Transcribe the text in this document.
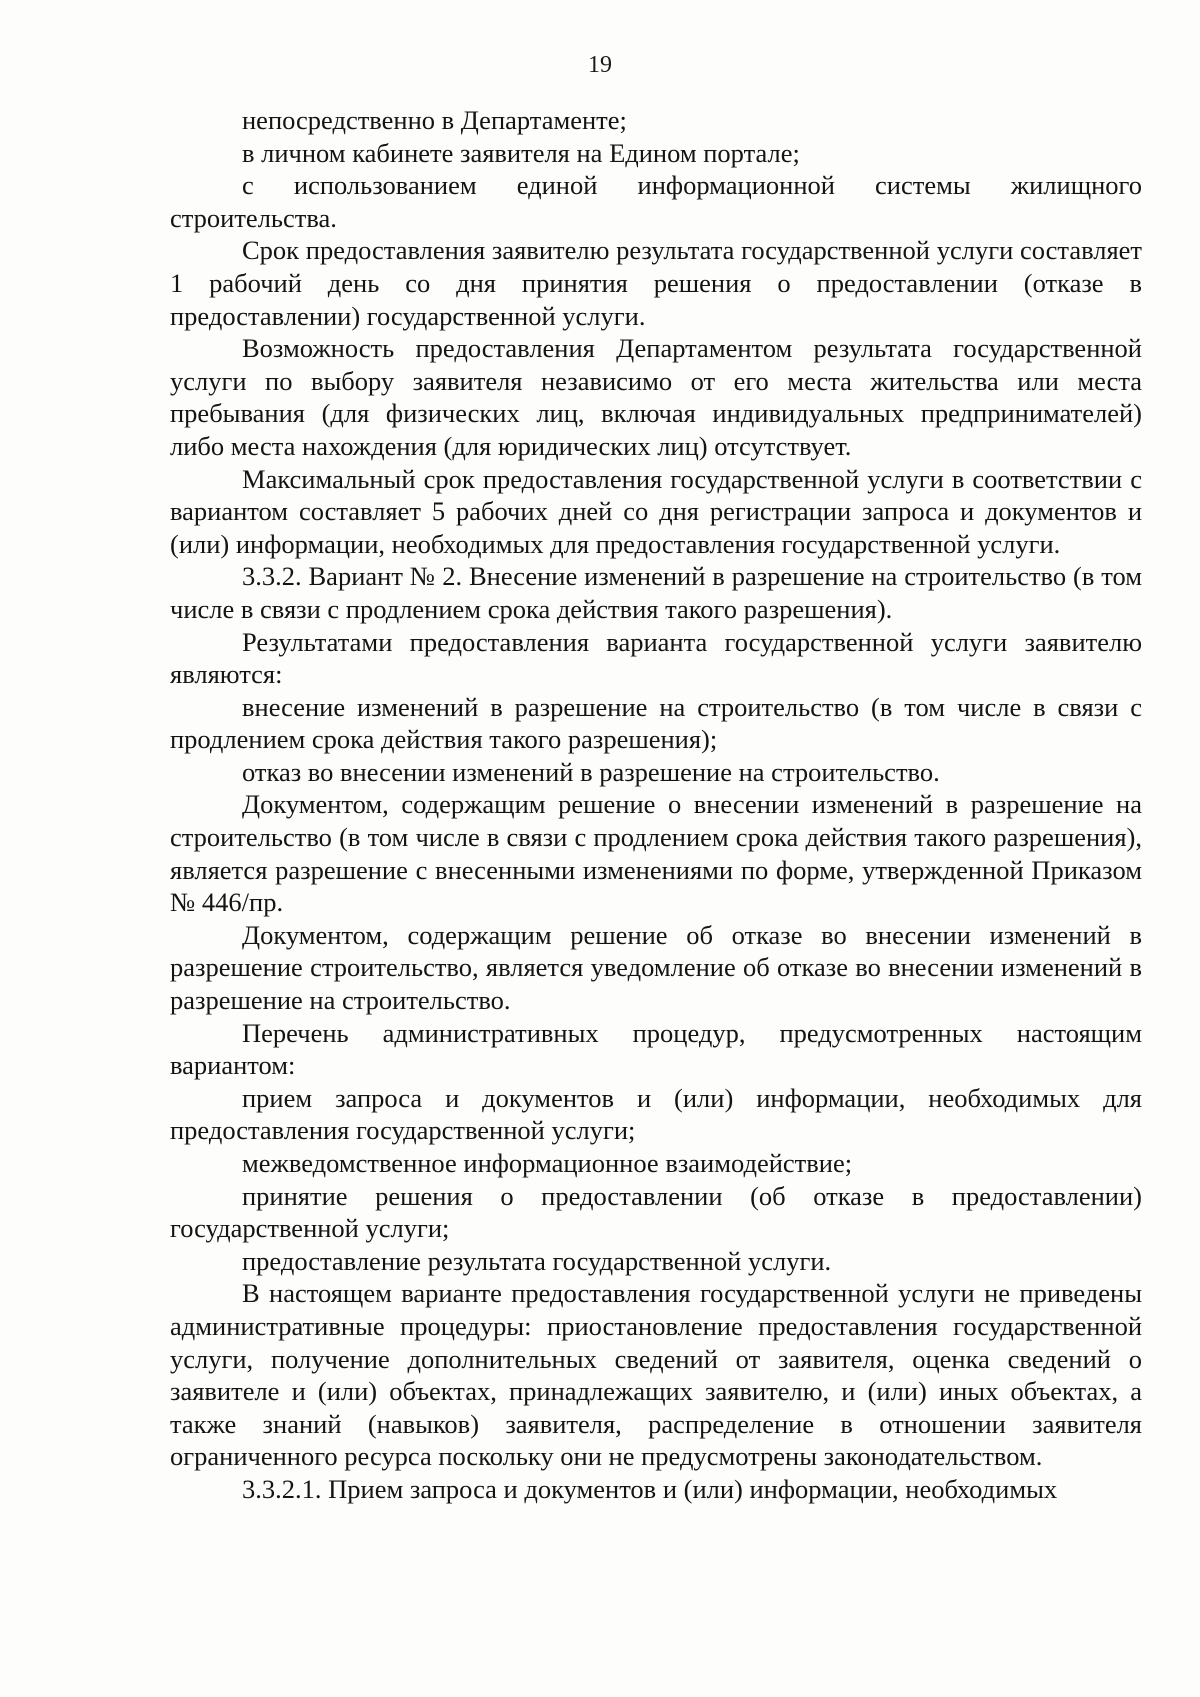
19

непосредственно в Департаменте;

в личном кабинете заявителя на Едином портале;

с использованием единой информационной системы жилищного строительства.

Срок предоставления заявителю результата государственной услуги составляет 1 рабочий день со дня принятия решения о предоставлении (отказе в предоставлении) государственной услуги.

Возможность предоставления Департаментом результата государственной услуги по выбору заявителя независимо от его места жительства или места пребывания (для физических лиц, включая индивидуальных предпринимателей) либо места нахождения (для юридических лиц) отсутствует.

Максимальный срок предоставления государственной услуги в соответствии с вариантом составляет 5 рабочих дней со дня регистрации запроса и документов и (или) информации, необходимых для предоставления государственной услуги.

3.3.2. Вариант № 2. Внесение изменений в разрешение на строительство (в том числе в связи с продлением срока действия такого разрешения).

Результатами предоставления варианта государственной услуги заявителю являются:

внесение изменений в разрешение на строительство (в том числе в связи с продлением срока действия такого разрешения);

отказ во внесении изменений в разрешение на строительство.

Документом, содержащим решение о внесении изменений в разрешение на строительство (в том числе в связи с продлением срока действия такого разрешения), является разрешение с внесенными изменениями по форме, утвержденной Приказом № 446/пр.

Документом, содержащим решение об отказе во внесении изменений в разрешение строительство, является уведомление об отказе во внесении изменений в разрешение на строительство.

Перечень административных процедур, предусмотренных настоящим вариантом:

прием запроса и документов и (или) информации, необходимых для предоставления государственной услуги;

межведомственное информационное взаимодействие;

принятие решения о предоставлении (об отказе в предоставлении) государственной услуги;

предоставление результата государственной услуги.

В настоящем варианте предоставления государственной услуги не приведены административные процедуры: приостановление предоставления государственной услуги, получение дополнительных сведений от заявителя, оценка сведений о заявителе и (или) объектах, принадлежащих заявителю, и (или) иных объектах, а также знаний (навыков) заявителя, распределение в отношении заявителя ограниченного ресурса поскольку они не предусмотрены законодательством.

3.3.2.1. Прием запроса и документов и (или) информации, необходимых
